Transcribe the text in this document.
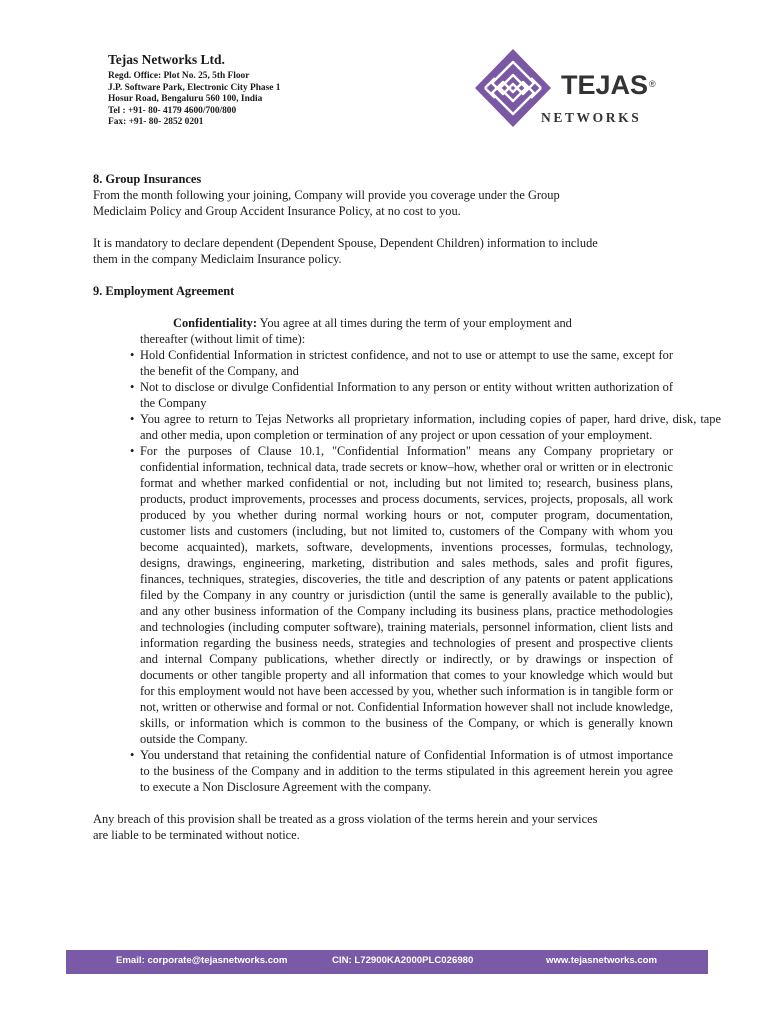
Tejas Networks Ltd.
Regd. Office: Plot No. 25, 5th Floor
J.P. Software Park, Electronic City Phase 1
Hosur Road, Bengaluru 560 100, India
Tel : +91- 80- 4179 4600/700/800
Fax: +91- 80- 2852 0201
TEJAS ®
NETWORKS

8. Group Insurances

From the month following your joining, Company will provide you coverage under the Group

Mediclaim Policy and Group Accident Insurance Policy, at no cost to you.

It is mandatory to declare dependent (Dependent Spouse, Dependent Children) information to include

them in the company Mediclaim Insurance policy.

9. Employment Agreement

Confidentiality: You agree at all times during the term of your employment and

thereafter (without limit of time):

• Hold Confidential Information in strictest confidence, and not to use or attempt to use the same, except for the benefit of the Company, and
• Not to disclose or divulge Confidential Information to any person or entity without written authorization of the Company
• You agree to return to Tejas Networks all proprietary information, including copies of paper, hard drive, disk, tape and other media, upon completion or termination of any project or upon cessation of your employment.
• For the purposes of Clause 10.1, "Confidential Information" means any Company proprietary or confidential information, technical data, trade secrets or know–how, whether oral or written or in electronic format and whether marked confidential or not, including but not limited to; research, business plans, products, product improvements, processes and process documents, services, projects, proposals, all work produced by you whether during normal working hours or not, computer program, documentation, customer lists and customers (including, but not limited to, customers of the Company with whom you become acquainted), markets, software, developments, inventions processes, formulas, technology, designs, drawings, engineering, marketing, distribution and sales methods, sales and profit figures, finances, techniques, strategies, discoveries, the title and description of any patents or patent applications filed by the Company in any country or jurisdiction (until the same is generally available to the public), and any other business information of the Company including its business plans, practice methodologies and technologies (including computer software), training materials, personnel information, client lists and information regarding the business needs, strategies and technologies of present and prospective clients and internal Company publications, whether directly or indirectly, or by drawings or inspection of documents or other tangible property and all information that comes to your knowledge which would but for this employment would not have been accessed by you, whether such information is in tangible form or not, written or otherwise and formal or not. Confidential Information however shall not include knowledge, skills, or information which is common to the business of the Company, or which is generally known outside the Company.
• You understand that retaining the confidential nature of Confidential Information is of utmost importance to the business of the Company and in addition to the terms stipulated in this agreement herein you agree to execute a Non Disclosure Agreement with the company.

Any breach of this provision shall be treated as a gross violation of the terms herein and your services

are liable to be terminated without notice.

Email: corporate@tejasnetworks.com	CIN: L72900KA2000PLC026980	www.tejasnetworks.com
